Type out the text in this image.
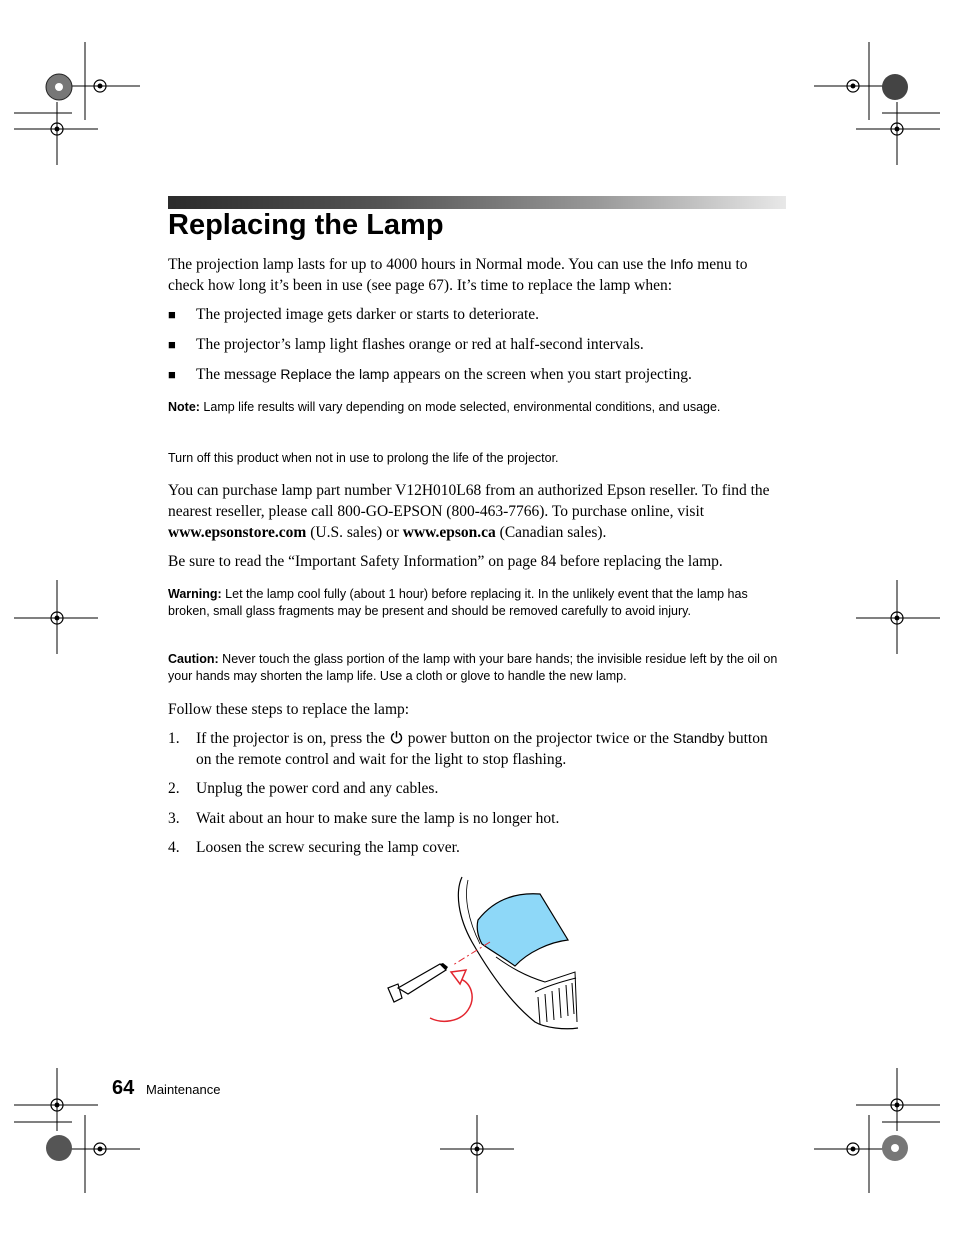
Replacing the Lamp

The projection lamp lasts for up to 4000 hours in Normal mode. You can use the Info menu to check how long it’s been in use (see page 67). It’s time to replace the lamp when:

■ The projected image gets darker or starts to deteriorate.
■ The projector’s lamp light flashes orange or red at half-second intervals.
■ The message Replace the lamp appears on the screen when you start projecting.

Note: Lamp life results will vary depending on mode selected, environmental conditions, and usage.

Turn off this product when not in use to prolong the life of the projector.

You can purchase lamp part number V12H010L68 from an authorized Epson reseller. To find the nearest reseller, please call 800-GO-EPSON (800-463-7766). To purchase online, visit www.epsonstore.com (U.S. sales) or www.epson.ca (Canadian sales).

Be sure to read the “Important Safety Information” on page 84 before replacing the lamp.

Warning: Let the lamp cool fully (about 1 hour) before replacing it. In the unlikely event that the lamp has broken, small glass fragments may be present and should be removed carefully to avoid injury.

Caution: Never touch the glass portion of the lamp with your bare hands; the invisible residue left by the oil on your hands may shorten the lamp life. Use a cloth or glove to handle the new lamp.

Follow these steps to replace the lamp:

1. If the projector is on, press the  power button on the projector twice or the Standby button on the remote control and wait for the light to stop flashing.
2. Unplug the power cord and any cables.
3. Wait about an hour to make sure the lamp is no longer hot.
4. Loosen the screw securing the lamp cover.
64 Maintenance
